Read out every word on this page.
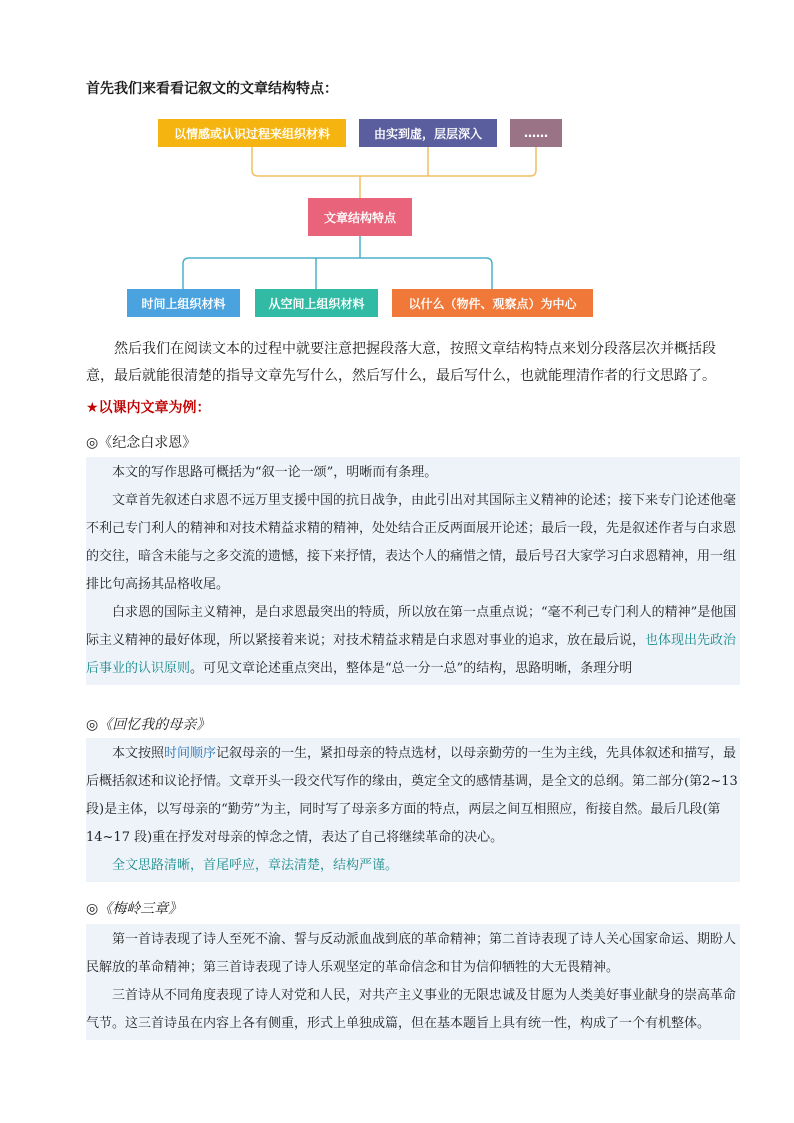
首先我们来看看记叙文的文章结构特点：
以情感或认识过程来组织材料	由实到虚，层层深入	……
文章结构特点
时间上组织材料	从空间上组织材料	以什么（物件、观察点）为中心

然后我们在阅读文本的过程中就要注意把握段落大意，按照文章结构特点来划分段落层次并概括段意，最后就能很清楚的指导文章先写什么，然后写什么，最后写什么，也就能理清作者的行文思路了。

★以课内文章为例：
◎《纪念白求恩》

本文的写作思路可概括为“叙一论一颂”，明晰而有条理。

文章首先叙述白求恩不远万里支援中国的抗日战争，由此引出对其国际主义精神的论述；接下来专门论述他毫不利己专门利人的精神和对技术精益求精的精神，处处结合正反两面展开论述；最后一段，先是叙述作者与白求恩的交往，暗含未能与之多交流的遗憾，接下来抒情，表达个人的痛惜之情，最后号召大家学习白求恩精神，用一组排比句高扬其品格收尾。

白求恩的国际主义精神，是白求恩最突出的特质，所以放在第一点重点说；“毫不利己专门利人的精神”是他国际主义精神的最好体现，所以紧接着来说；对技术精益求精是白求恩对事业的追求，放在最后说，也体现出先政治后事业的认识原则。可见文章论述重点突出，整体是“总一分一总”的结构，思路明晰，条理分明

◎《回忆我的母亲》

本文按照时间顺序记叙母亲的一生，紧扣母亲的特点选材，以母亲勤劳的一生为主线，先具体叙述和描写，最后概括叙述和议论抒情。文章开头一段交代写作的缘由，奠定全文的感情基调，是全文的总纲。第二部分(第2~13段)是主体，以写母亲的“勤劳”为主，同时写了母亲多方面的特点，两层之间互相照应，衔接自然。最后几段(第14~17 段)重在抒发对母亲的悼念之情，表达了自己将继续革命的决心。

全文思路清晰，首尾呼应，章法清楚，结构严谨。

◎《梅岭三章》

第一首诗表现了诗人至死不渝、誓与反动派血战到底的革命精神；第二首诗表现了诗人关心国家命运、期盼人民解放的革命精神；第三首诗表现了诗人乐观坚定的革命信念和甘为信仰牺牲的大无畏精神。

三首诗从不同角度表现了诗人对党和人民，对共产主义事业的无限忠诚及甘愿为人类美好事业献身的崇高革命气节。这三首诗虽在内容上各有侧重，形式上单独成篇，但在基本题旨上具有统一性，构成了一个有机整体。
